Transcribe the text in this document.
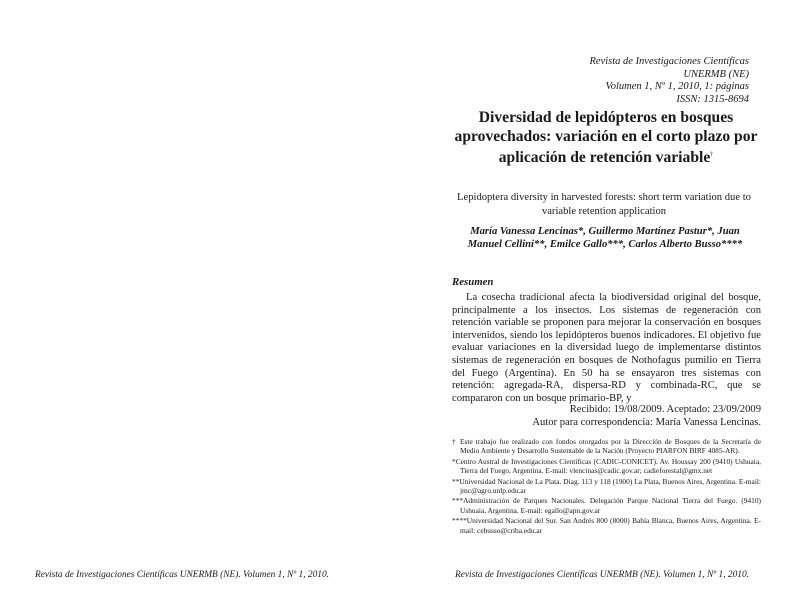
Revista de Investigaciones Científicas
UNERMB (NE)
Volumen 1, Nº 1, 2010, 1: páginas
ISSN: 1315-8694
Diversidad de lepidópteros en bosques aprovechados: variación en el corto plazo por aplicación de retención variable†
Lepidoptera diversity in harvested forests: short term variation due to variable retention application
María Vanessa Lencinas*, Guillermo Martínez Pastur*, Juan Manuel Cellini**, Emilce Gallo***, Carlos Alberto Busso****
Resumen
La cosecha tradicional afecta la biodiversidad original del bosque, principalmente a los insectos. Los sistemas de regeneración con retención variable se proponen para mejorar la conservación en bosques intervenidos, siendo los lepidópteros buenos indicadores. El objetivo fue evaluar variaciones en la diversidad luego de implementarse distintos sistemas de regeneración en bosques de Nothofagus pumilio en Tierra del Fuego (Argentina). En 50 ha se ensayaron tres sistemas con retención: agregada-RA, dispersa-RD y combinada-RC, que se compararon con un bosque primario-BP, y
Recibido: 19/08/2009. Aceptado: 23/09/2009
Autor para correspondencia: María Vanessa Lencinas.
† Este trabajo fue realizado con fondos otorgados por la Dirección de Bosques de la Secretaría de Medio Ambiente y Desarrollo Sustentable de la Nación (Proyecto PIARFON BIRF 4085-AR).
*Centro Austral de Investigaciones Científicas (CADIC-CONICET). Av. Houssay 200 (9410) Ushuaia, Tierra del Fuego, Argentina. E-mail: vlencinas@cadic.gov.ar; cadieforestal@gmx.net
**Universidad Nacional de La Plata. Diag. 113 y 118 (1900) La Plata, Buenos Aires, Argentina. E-mail: jmc@agro.unlp.edu.ar
***Administración de Parques Nacionales. Delegación Parque Nacional Tierra del Fuego. (9410) Ushuaia, Argentina. E-mail: egallo@apn.gov.ar
****Universidad Nacional del Sur. San Andrés 800 (8000) Bahía Blanca, Buenos Aires, Argentina. E-mail: cebusso@criba.edu.ar
Revista de Investigaciones Científicas UNERMB (NE). Volumen 1, Nº 1, 2010.	Revista de Investigaciones Científicas UNERMB (NE). Volumen 1, Nº 1, 2010.
